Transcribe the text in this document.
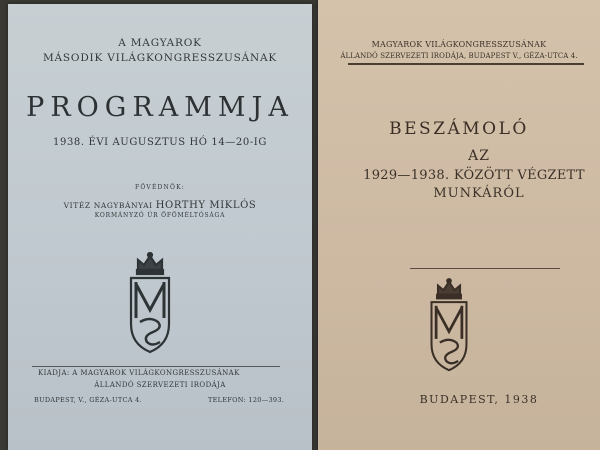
A MAGYAROK
MÁSODIK VILÁGKONGRESSZUSÁNAK
PROGRAMMJA
1938. ÉVI AUGUSZTUS HÓ 14—20-IG
FŐVÉDNÖK:
VITÉZ NAGYBÁNYAI HORTHY MIKLÓS
KORMÁNYZÓ ÚR ŐFŐMÉLTÓSÁGA
KIADJA: A MAGYAROK VILÁGKONGRESSZUSÁNAK
ÁLLANDÓ SZERVEZETI IRODÁJA
BUDAPEST, V., GÉZA-UTCA 4.	TELEFON: 120—393.
MAGYAROK VILÁGKONGRESSZUSÁNAK
ÁLLANDÓ SZERVEZETI IRODÁJA, BUDAPEST V., GÉZA-UTCA 4.
BESZÁMOLÓ
AZ
1929—1938. KÖZÖTT VÉGZETT
MUNKÁRÓL
BUDAPEST, 1938
